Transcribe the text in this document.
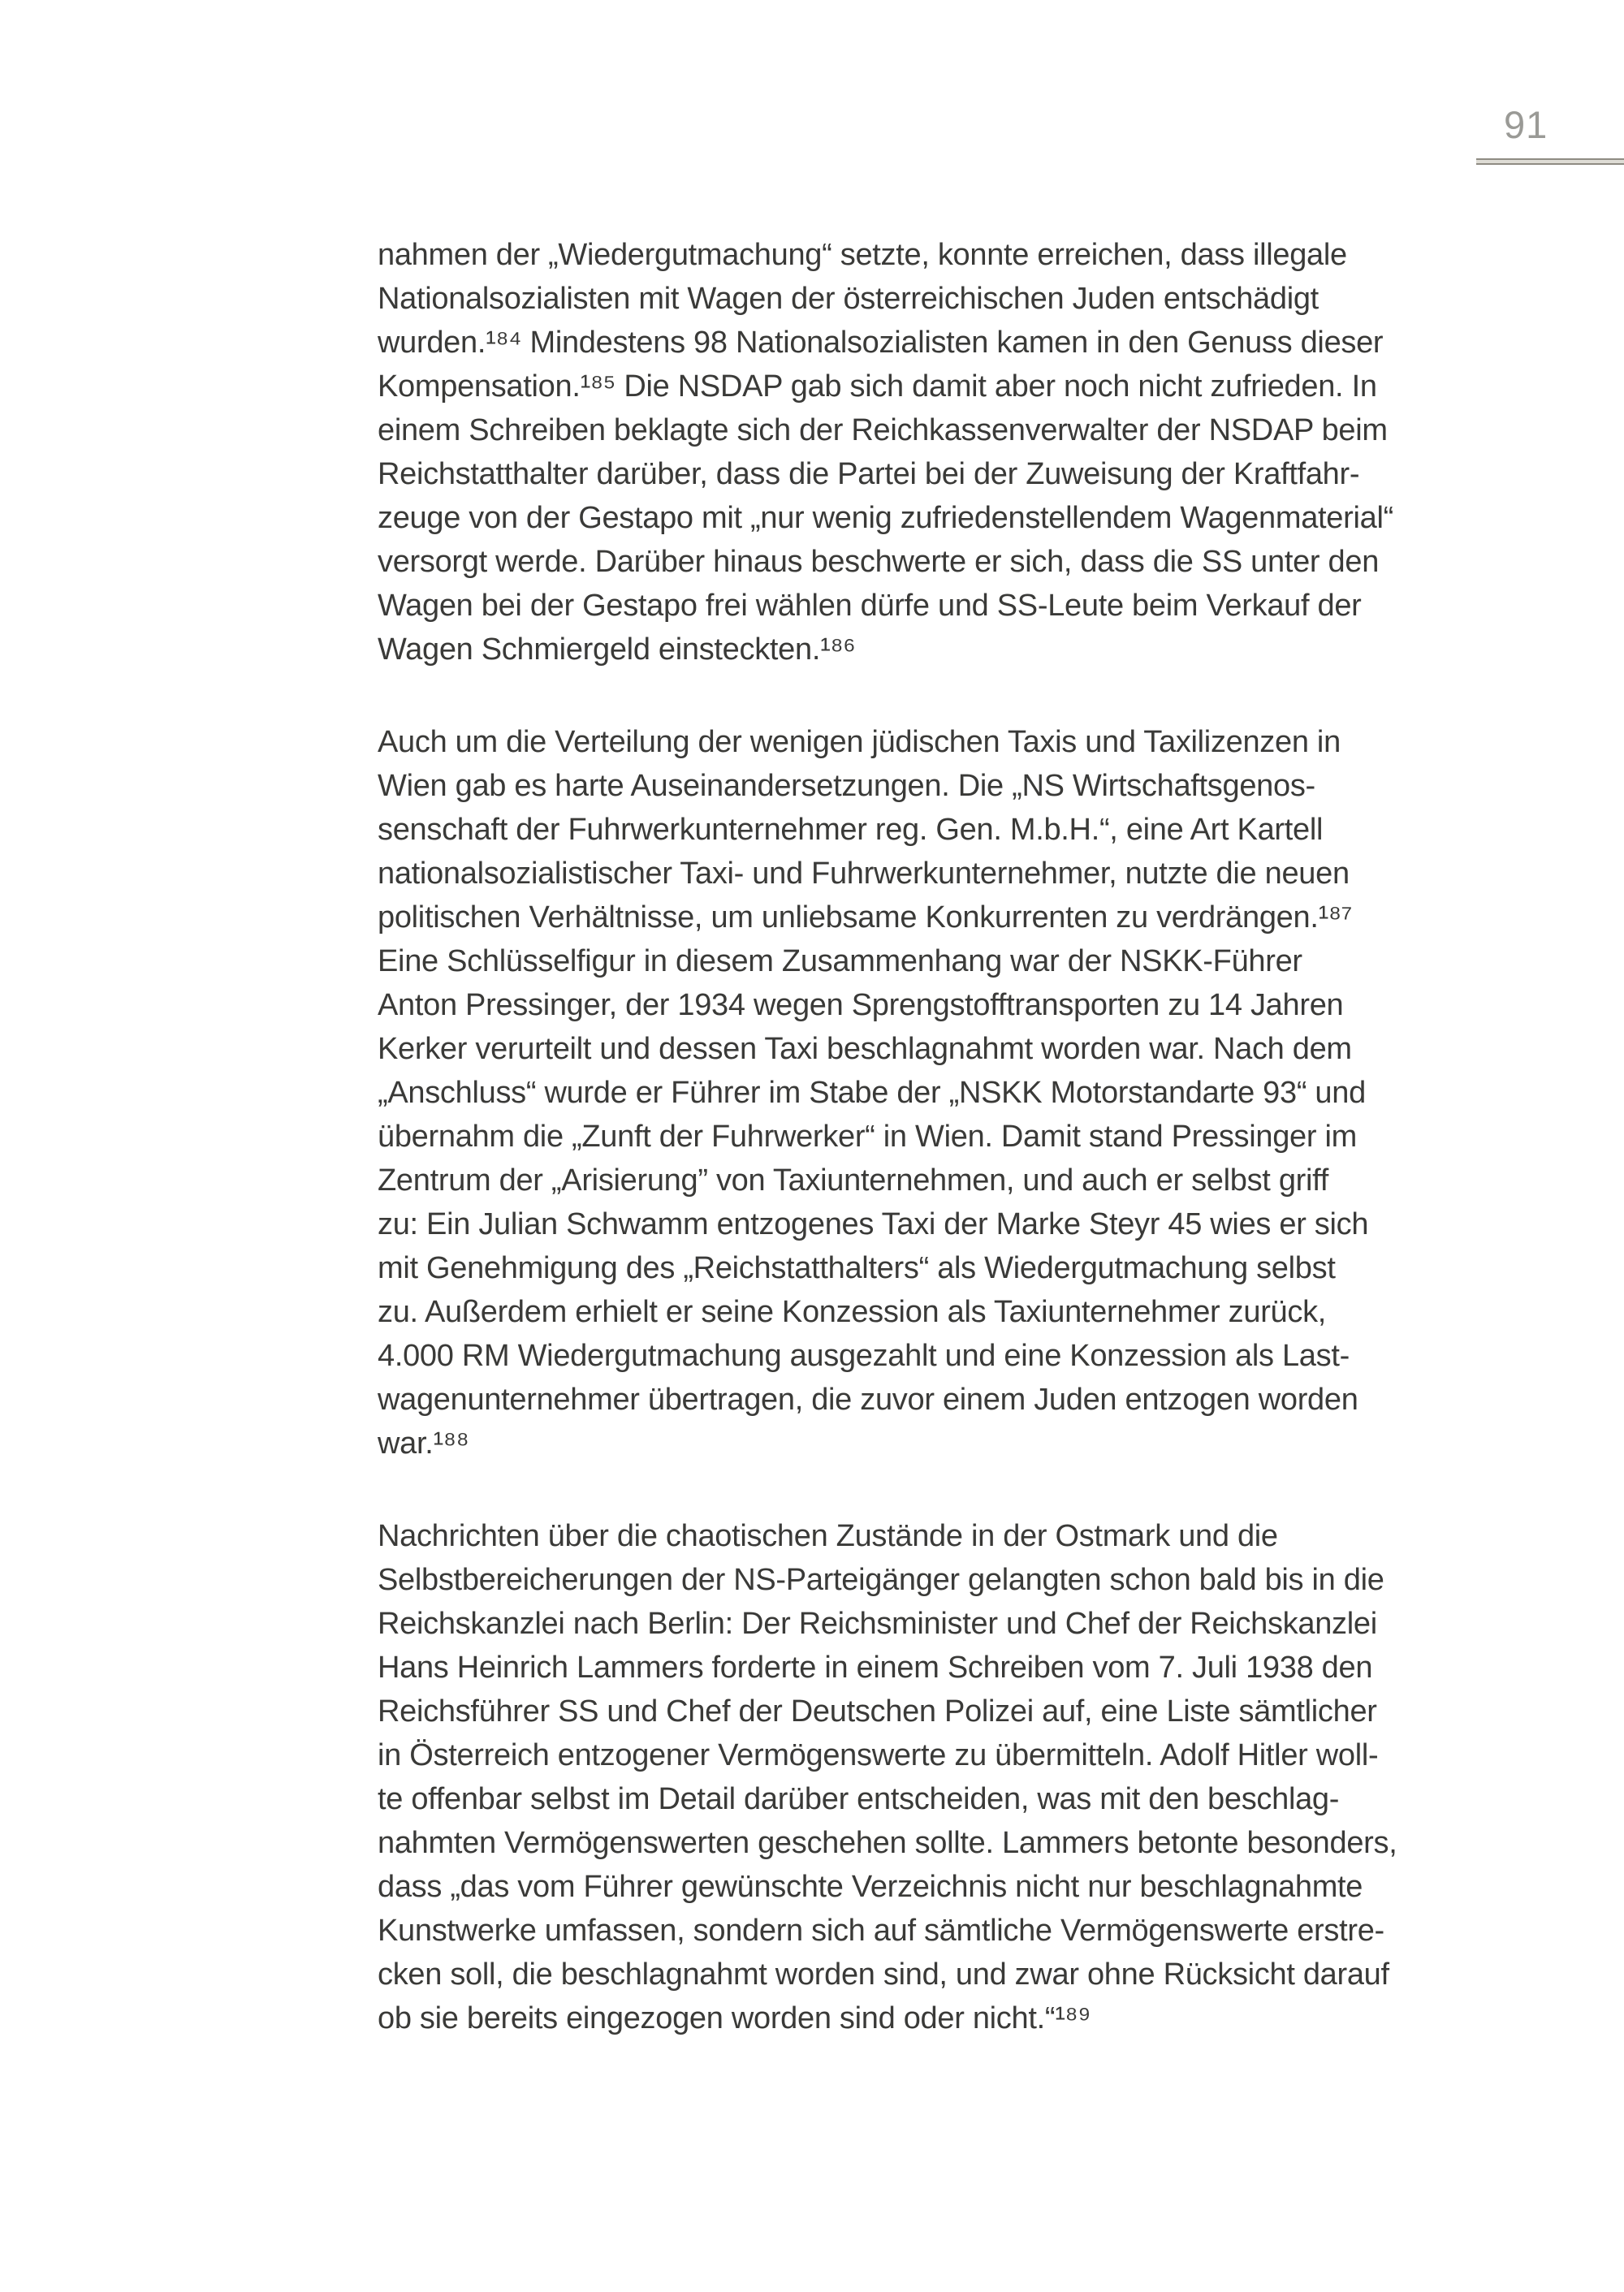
91
nahmen der „Wiedergutmachung“ setzte, konnte erreichen, dass illegale
Nationalsozialisten mit Wagen der österreichischen Juden entschädigt
wurden.¹⁸⁴ Mindestens 98 Nationalsozialisten kamen in den Genuss dieser
Kompensation.¹⁸⁵ Die NSDAP gab sich damit aber noch nicht zufrieden. In
einem Schreiben beklagte sich der Reichkassenverwalter der NSDAP beim
Reichstatthalter darüber, dass die Partei bei der Zuweisung der Kraftfahr-
zeuge von der Gestapo mit „nur wenig zufriedenstellendem Wagenmaterial“
versorgt werde. Darüber hinaus beschwerte er sich, dass die SS unter den
Wagen bei der Gestapo frei wählen dürfe und SS-Leute beim Verkauf der
Wagen Schmiergeld einsteckten.¹⁸⁶
Auch um die Verteilung der wenigen jüdischen Taxis und Taxilizenzen in
Wien gab es harte Auseinandersetzungen. Die „NS Wirtschaftsgenos-
senschaft der Fuhrwerkunternehmer reg. Gen. M.b.H.“, eine Art Kartell
nationalsozialistischer Taxi- und Fuhrwerkunternehmer, nutzte die neuen
politischen Verhältnisse, um unliebsame Konkurrenten zu verdrängen.¹⁸⁷
Eine Schlüsselfigur in diesem Zusammenhang war der NSKK-Führer
Anton Pressinger, der 1934 wegen Sprengstofftransporten zu 14 Jahren
Kerker verurteilt und dessen Taxi beschlagnahmt worden war. Nach dem
„Anschluss“ wurde er Führer im Stabe der „NSKK Motorstandarte 93“ und
übernahm die „Zunft der Fuhrwerker“ in Wien. Damit stand Pressinger im
Zentrum der „Arisierung” von Taxiunternehmen, und auch er selbst griff
zu: Ein Julian Schwamm entzogenes Taxi der Marke Steyr 45 wies er sich
mit Genehmigung des „Reichstatthalters“ als Wiedergutmachung selbst
zu. Außerdem erhielt er seine Konzession als Taxiunternehmer zurück,
4.000 RM Wiedergutmachung ausgezahlt und eine Konzession als Last-
wagenunternehmer übertragen, die zuvor einem Juden entzogen worden
war.¹⁸⁸
Nachrichten über die chaotischen Zustände in der Ostmark und die
Selbstbereicherungen der NS-Parteigänger gelangten schon bald bis in die
Reichskanzlei nach Berlin: Der Reichsminister und Chef der Reichskanzlei
Hans Heinrich Lammers forderte in einem Schreiben vom 7. Juli 1938 den
Reichsführer SS und Chef der Deutschen Polizei auf, eine Liste sämtlicher
in Österreich entzogener Vermögenswerte zu übermitteln. Adolf Hitler woll-
te offenbar selbst im Detail darüber entscheiden, was mit den beschlag-
nahmten Vermögenswerten geschehen sollte. Lammers betonte besonders,
dass „das vom Führer gewünschte Verzeichnis nicht nur beschlagnahmte
Kunstwerke umfassen, sondern sich auf sämtliche Vermögenswerte erstre-
cken soll, die beschlagnahmt worden sind, und zwar ohne Rücksicht darauf
ob sie bereits eingezogen worden sind oder nicht.“¹⁸⁹
